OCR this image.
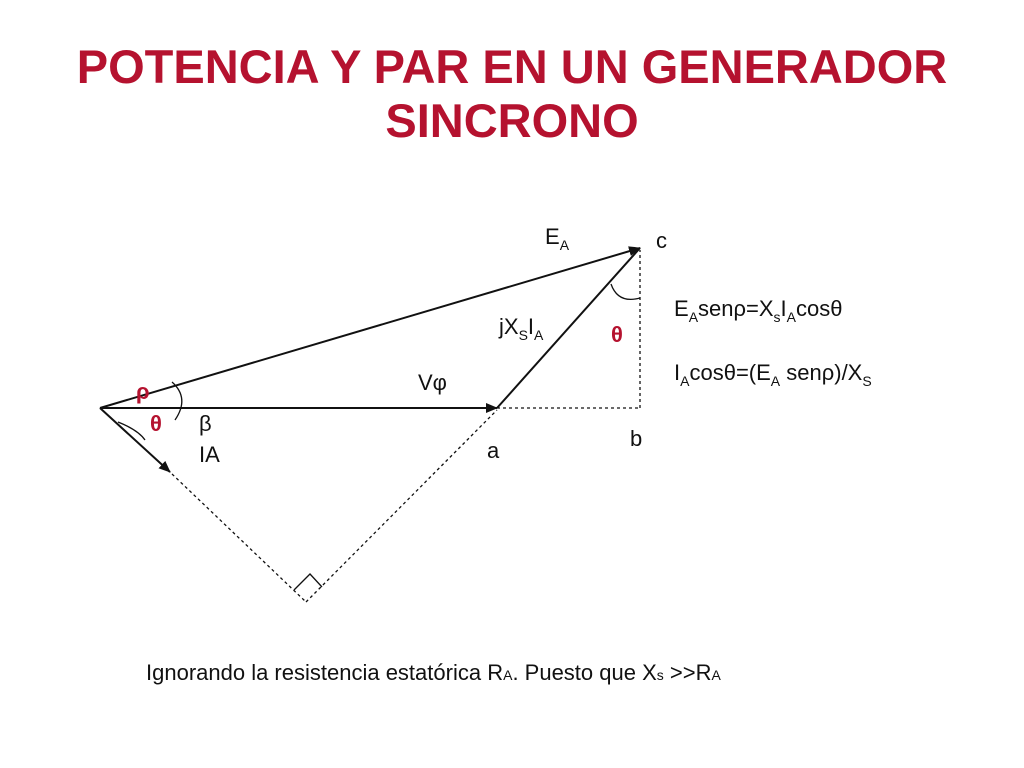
POTENCIA Y PAR EN UN GENERADOR
SINCRONO
$E_A$	c
$jX_SI_A$	θ
Vφ
ρ
θ β
IA	a	b
$E_Asen\rho=X_sI_A\cos\theta$
$I_A\cos\theta=(E_A$ $sen\rho)/X_S$
Ignorando la resistencia estatórica RA. Puesto que Xs >>RA
